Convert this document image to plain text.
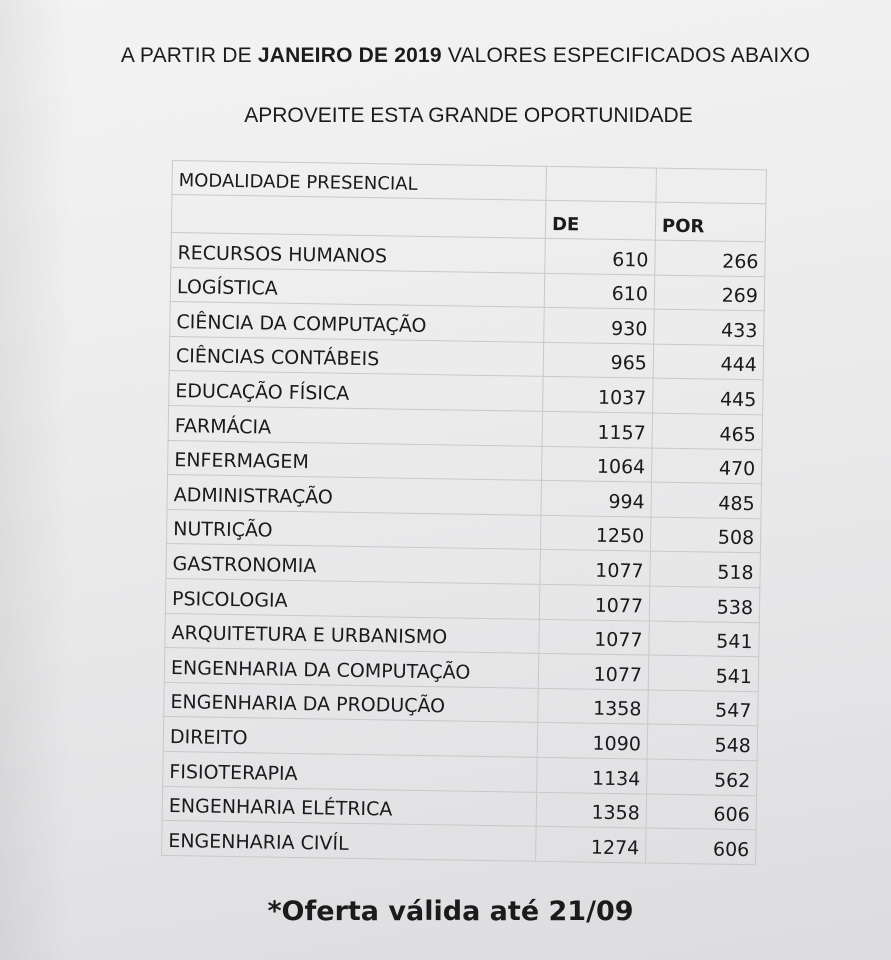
A PARTIR DE JANEIRO DE 2019 VALORES ESPECIFICADOS ABAIXO
APROVEITE ESTA GRANDE OPORTUNIDADE
MODALIDADE PRESENCIAL		
	DE	POR
RECURSOS HUMANOS	610	266
LOGÍSTICA	610	269
CIÊNCIA DA COMPUTAÇÃO	930	433
CIÊNCIAS CONTÁBEIS	965	444
EDUCAÇÃO FÍSICA	1037	445
FARMÁCIA	1157	465
ENFERMAGEM	1064	470
ADMINISTRAÇÃO	994	485
NUTRIÇÃO	1250	508
GASTRONOMIA	1077	518
PSICOLOGIA	1077	538
ARQUITETURA E URBANISMO	1077	541
ENGENHARIA DA COMPUTAÇÃO	1077	541
ENGENHARIA DA PRODUÇÃO	1358	547
DIREITO	1090	548
FISIOTERAPIA	1134	562
ENGENHARIA ELÉTRICA	1358	606
ENGENHARIA CIVÍL	1274	606
*Oferta válida até 21/09
